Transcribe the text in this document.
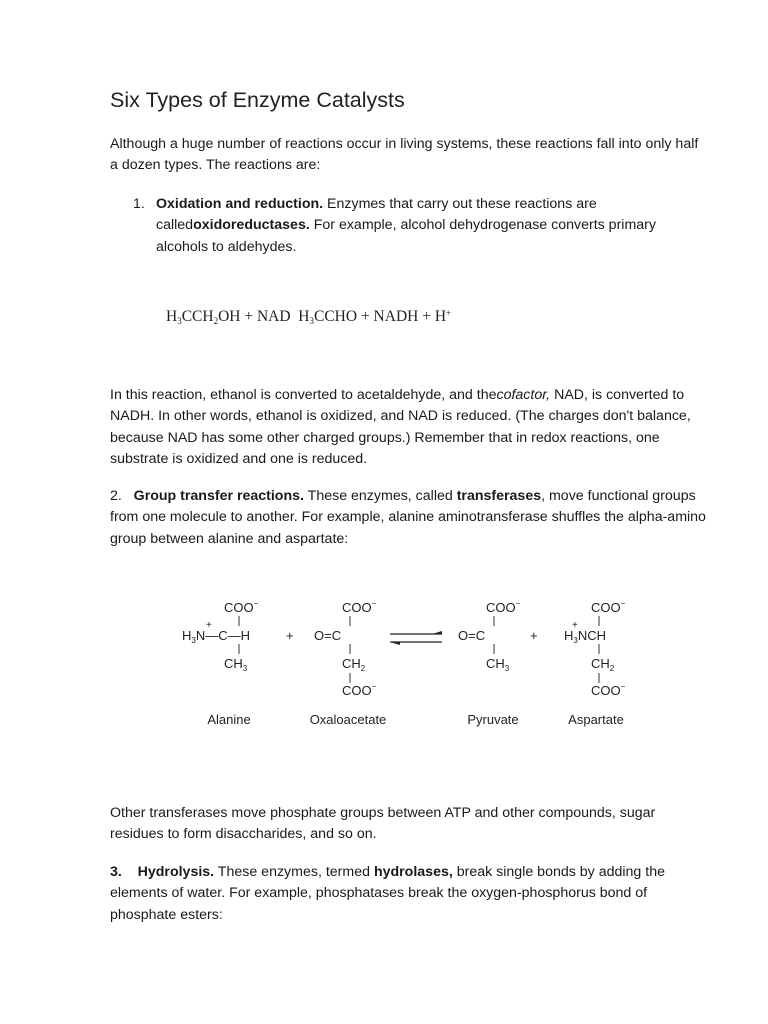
Six Types of Enzyme Catalysts

Although a huge number of reactions occur in living systems, these reactions fall into only half a dozen types. The reactions are:

1. Oxidation and reduction. Enzymes that carry out these reactions are calledoxidoreductases. For example, alcohol dehydrogenase converts primary alcohols to aldehydes.
$H_3CCH_2OH$ + NAD $H_3CCHO$ + NADH + H+

In this reaction, ethanol is converted to acetaldehyde, and thecofactor, NAD, is converted to NADH. In other words, ethanol is oxidized, and NAD is reduced. (The charges don't balance, because NAD has some other charged groups.) Remember that in redox reactions, one substrate is oxidized and one is reduced.

2. Group transfer reactions. These enzymes, called transferases, move functional groups from one molecule to another. For example, alanine aminotransferase shuffles the alpha-amino group between alanine and aspartate:

COO−
+
$H_3N—C—H$
$CH_3$
+
COO−
O=C
$CH_2$
COO−
COO−
O=C
$CH_3$
+
COO−
+
$H_3NCH$
$CH_2$
COO−
Alanine	Oxaloacetate	Pyruvate	Aspartate

Other transferases move phosphate groups between ATP and other compounds, sugar residues to form disaccharides, and so on.

3. Hydrolysis. These enzymes, termed hydrolases, break single bonds by adding the elements of water. For example, phosphatases break the oxygen-phosphorus bond of phosphate esters:
